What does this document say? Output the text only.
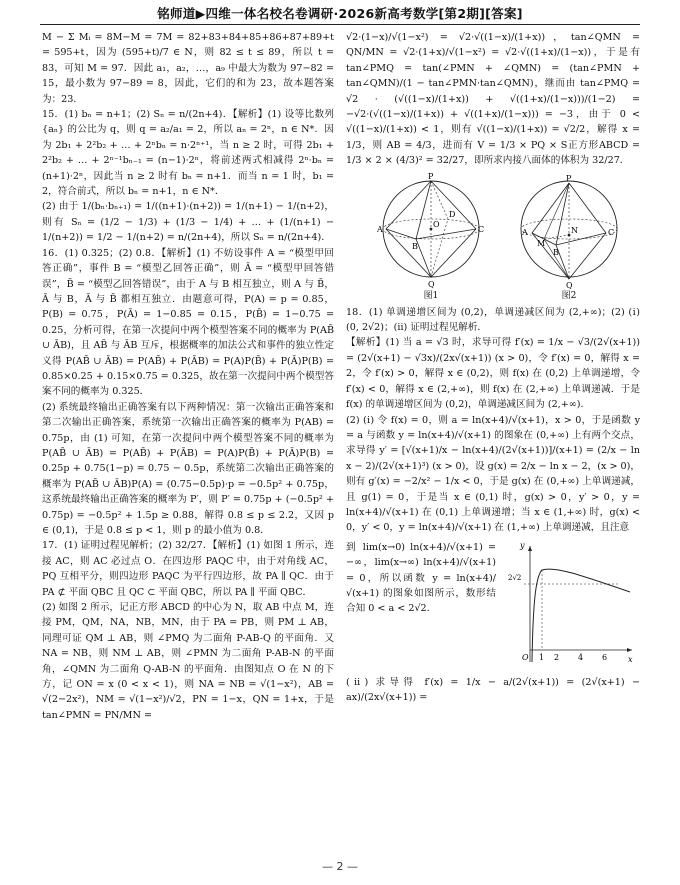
铭师道▶四维一体名校名卷调研·2026新高考数学[第2期][答案]

M − Σ Mᵢ = 8M−M = 7M = 82+83+84+85+86+87+89+t = 595+t，因为 (595+t)/7 ∈ N，则 82 ≤ t ≤ 89，所以 t = 83，可知 M = 97．因此 a₁，a₂，…，a₉ 中最大为数为 97−82 = 15，最小数为 97−89 = 8，因此，它们的和为 23，故本题答案为：23．

15．(1) bₙ = n+1；(2) Sₙ = n/(2n+4)．【解析】(1) 设等比数列 {aₙ} 的公比为 q，则 q = a₂/a₁ = 2，所以 aₙ = 2ⁿ，n ∈ N*．因为 2b₁ + 2²b₂ + … + 2ⁿbₙ = n·2ⁿ⁺¹，当 n ≥ 2 时，可得 2b₁ + 2²b₂ + … + 2ⁿ⁻¹bₙ₋₁ = (n−1)·2ⁿ，将前述两式相减得 2ⁿ·bₙ = (n+1)·2ⁿ，因此当 n ≥ 2 时有 bₙ = n+1．而当 n = 1 时，b₁ = 2，符合前式，所以 bₙ = n+1，n ∈ N*．

(2) 由于 1/(bₙ·bₙ₊₁) = 1/((n+1)·(n+2)) = 1/(n+1) − 1/(n+2)，则有 Sₙ = (1/2 − 1/3) + (1/3 − 1/4) + … + (1/(n+1) − 1/(n+2)) = 1/2 − 1/(n+2) = n/(2n+4)，所以 Sₙ = n/(2n+4)．

16．(1) 0.325；(2) 0.8．【解析】(1) 不妨设事件 A = “模型甲回答正确”，事件 B = “模型乙回答正确”，则 Ā = “模型甲回答错误”，B̄ = “模型乙回答错误”，由于 A 与 B 相互独立，则 A 与 B̄，Ā 与 B，Ā 与 B̄ 都相互独立．由题意可得，P(A) = p = 0.85，P(B) = 0.75，P(Ā) = 1−0.85 = 0.15，P(B̄) = 1−0.75 = 0.25，分析可得，在第一次提问中两个模型答案不同的概率为 P(AB̄ ∪ ĀB)，且 AB̄ 与 ĀB 互斥，根据概率的加法公式和事件的独立性定义得 P(AB̄ ∪ ĀB) = P(AB̄) + P(ĀB) = P(A)P(B̄) + P(Ā)P(B) = 0.85×0.25 + 0.15×0.75 = 0.325，故在第一次提问中两个模型答案不同的概率为 0.325．

(2) 系统最终输出正确答案有以下两种情况：第一次输出正确答案和第二次输出正确答案，系统第一次输出正确答案的概率为 P(AB) = 0.75p，由 (1) 可知，在第一次提问中两个模型答案不同的概率为 P(AB̄ ∪ ĀB) = P(AB̄) + P(ĀB) = P(A)P(B̄) + P(Ā)P(B) = 0.25p + 0.75(1−p) = 0.75 − 0.5p，系统第二次输出正确答案的概率为 P(AB̄ ∪ ĀB)P(A) = (0.75−0.5p)·p = −0.5p² + 0.75p，这系统最终输出正确答案的概率为 P′，则 P′ = 0.75p + (−0.5p² + 0.75p) = −0.5p² + 1.5p ≥ 0.88，解得 0.8 ≤ p ≤ 2.2，又因 p ∈ (0,1)，于是 0.8 ≤ p < 1，则 p 的最小值为 0.8．

17．(1) 证明过程见解析；(2) 32/27．【解析】(1) 如图 1 所示，连接 AC，则 AC 必过点 O．在四边形 PAQC 中，由于对角线 AC，PQ 互相平分，则四边形 PAQC 为平行四边形，故 PA ∥ QC．由于 PA ⊄ 平面 QBC 且 QC ⊂ 平面 QBC，所以 PA ∥ 平面 QBC．

(2) 如图 2 所示，记正方形 ABCD 的中心为 N，取 AB 中点 M，连接 PM，QM，NA，NB，MN，由于 PA = PB，则 PM ⊥ AB，同理可证 QM ⊥ AB，则 ∠PMQ 为二面角 P-AB-Q 的平面角．又 NA = NB，则 NM ⊥ AB，则 ∠PMN 为二面角 P-AB-N 的平面角，∠QMN 为二面角 Q-AB-N 的平面角．由图知点 O 在 N 的下方，记 ON = x (0 < x < 1)，则 NA = NB = √(1−x²)，AB = √(2−2x²)，NM = √(1−x²)/√2，PN = 1−x，QN = 1+x，于是 tan∠PMN = PN/MN =

√2·(1−x)/√(1−x²) = √2·√((1−x)/(1+x))，tan∠QMN = QN/MN = √2·(1+x)/√(1−x²) = √2·√((1+x)/(1−x))，于是有 tan∠PMQ = tan(∠PMN + ∠QMN) = (tan∠PMN + tan∠QMN)/(1 − tan∠PMN·tan∠QMN)，继而由 tan∠PMQ = √2 · (√((1−x)/(1+x)) + √((1+x)/(1−x)))/(1−2) = −√2·(√((1−x)/(1+x)) + √((1+x)/(1−x))) = −3，由于 0 < √((1−x)/(1+x)) < 1，则有 √((1−x)/(1+x)) = √2/2，解得 x = 1/3，则 AB = 4/3，进而有 V = 1/3 × PQ × S正方形ABCD = 1/3 × 2 × (4/3)² = 32/27，即所求内接八面体的体积为 32/27．

P
Q
A
B
C
D
O
图1
P
Q
A
B
C
M
N
图2

18．(1) 单调递增区间为 (0,2)，单调递减区间为 (2,+∞)；(2) (ⅰ) (0, 2√2)；(ⅱ) 证明过程见解析．

【解析】(1) 当 a = √3 时，求导可得 f′(x) = 1/x − √3/(2√(x+1)) = (2√(x+1) − √3x)/(2x√(x+1)) (x > 0)，令 f′(x) = 0，解得 x = 2，令 f′(x) > 0，解得 x ∈ (0,2)，则 f(x) 在 (0,2) 上单调递增，令 f′(x) < 0，解得 x ∈ (2,+∞)，则 f(x) 在 (2,+∞) 上单调递减．于是 f(x) 的单调递增区间为 (0,2)，单调递减区间为 (2,+∞)．

(2) (ⅰ) 令 f(x) = 0，则 a = ln(x+4)/√(x+1)，x > 0，于是函数 y = a 与函数 y = ln(x+4)/√(x+1) 的图象在 (0,+∞) 上有两个交点，求导得 y′ = [√(x+1)/x − ln(x+4)/(2√(x+1))]/(x+1) = (2/x − ln x − 2)/(2√(x+1)³) (x > 0)，设 g(x) = 2/x − ln x − 2，(x > 0)，则有 g′(x) = −2/x² − 1/x < 0，于是 g(x) 在 (0,+∞) 上单调递减，且 g(1) = 0，于是当 x ∈ (0,1) 时，g(x) > 0，y′ > 0，y = ln(x+4)/√(x+1) 在 (0,1) 上单调递增；当 x ∈ (1,+∞) 时，g(x) < 0，y′ < 0，y = ln(x+4)/√(x+1) 在 (1,+∞) 上单调递减，且注意

到 lim(x→0) ln(x+4)/√(x+1) = −∞，lim(x→∞) ln(x+4)/√(x+1) = 0，所以函数 y = ln(x+4)/√(x+1) 的图象如图所示，数形结合知 0 < a < 2√2．
y
x
O 1 2 4 6
2√2

(ⅱ) 求导得 f′(x) = 1/x − a/(2√(x+1)) = (2√(x+1) − ax)/(2x√(x+1)) =

— 2 —
